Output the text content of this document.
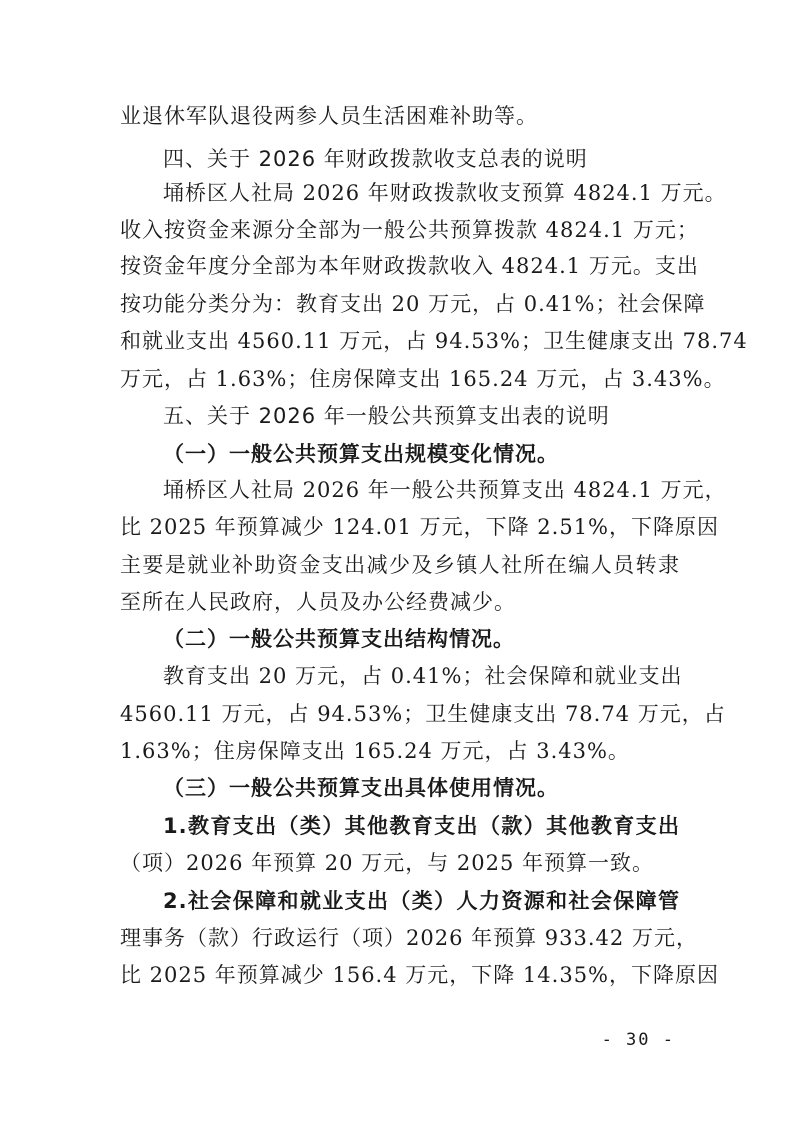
业退休军队退役两参人员生活困难补助等。
四、关于 2026 年财政拨款收支总表的说明
埇桥区人社局 2026 年财政拨款收支预算 4824.1 万元。
收入按资金来源分全部为一般公共预算拨款 4824.1 万元；
按资金年度分全部为本年财政拨款收入 4824.1 万元。支出
按功能分类分为：教育支出 20 万元，占 0.41%；社会保障
和就业支出 4560.11 万元，占 94.53%；卫生健康支出 78.74
万元，占 1.63%；住房保障支出 165.24 万元，占 3.43%。
五、关于 2026 年一般公共预算支出表的说明
（一）一般公共预算支出规模变化情况。
埇桥区人社局 2026 年一般公共预算支出 4824.1 万元，
比 2025 年预算减少 124.01 万元，下降 2.51%，下降原因
主要是就业补助资金支出减少及乡镇人社所在编人员转隶
至所在人民政府，人员及办公经费减少。
（二）一般公共预算支出结构情况。
教育支出 20 万元，占 0.41%；社会保障和就业支出
4560.11 万元，占 94.53%；卫生健康支出 78.74 万元，占
1.63%；住房保障支出 165.24 万元，占 3.43%。
（三）一般公共预算支出具体使用情况。
1.教育支出（类）其他教育支出（款）其他教育支出
（项）2026 年预算 20 万元，与 2025 年预算一致。
2.社会保障和就业支出（类）人力资源和社会保障管
理事务（款）行政运行（项）2026 年预算 933.42 万元，
比 2025 年预算减少 156.4 万元，下降 14.35%，下降原因
- 30 -
